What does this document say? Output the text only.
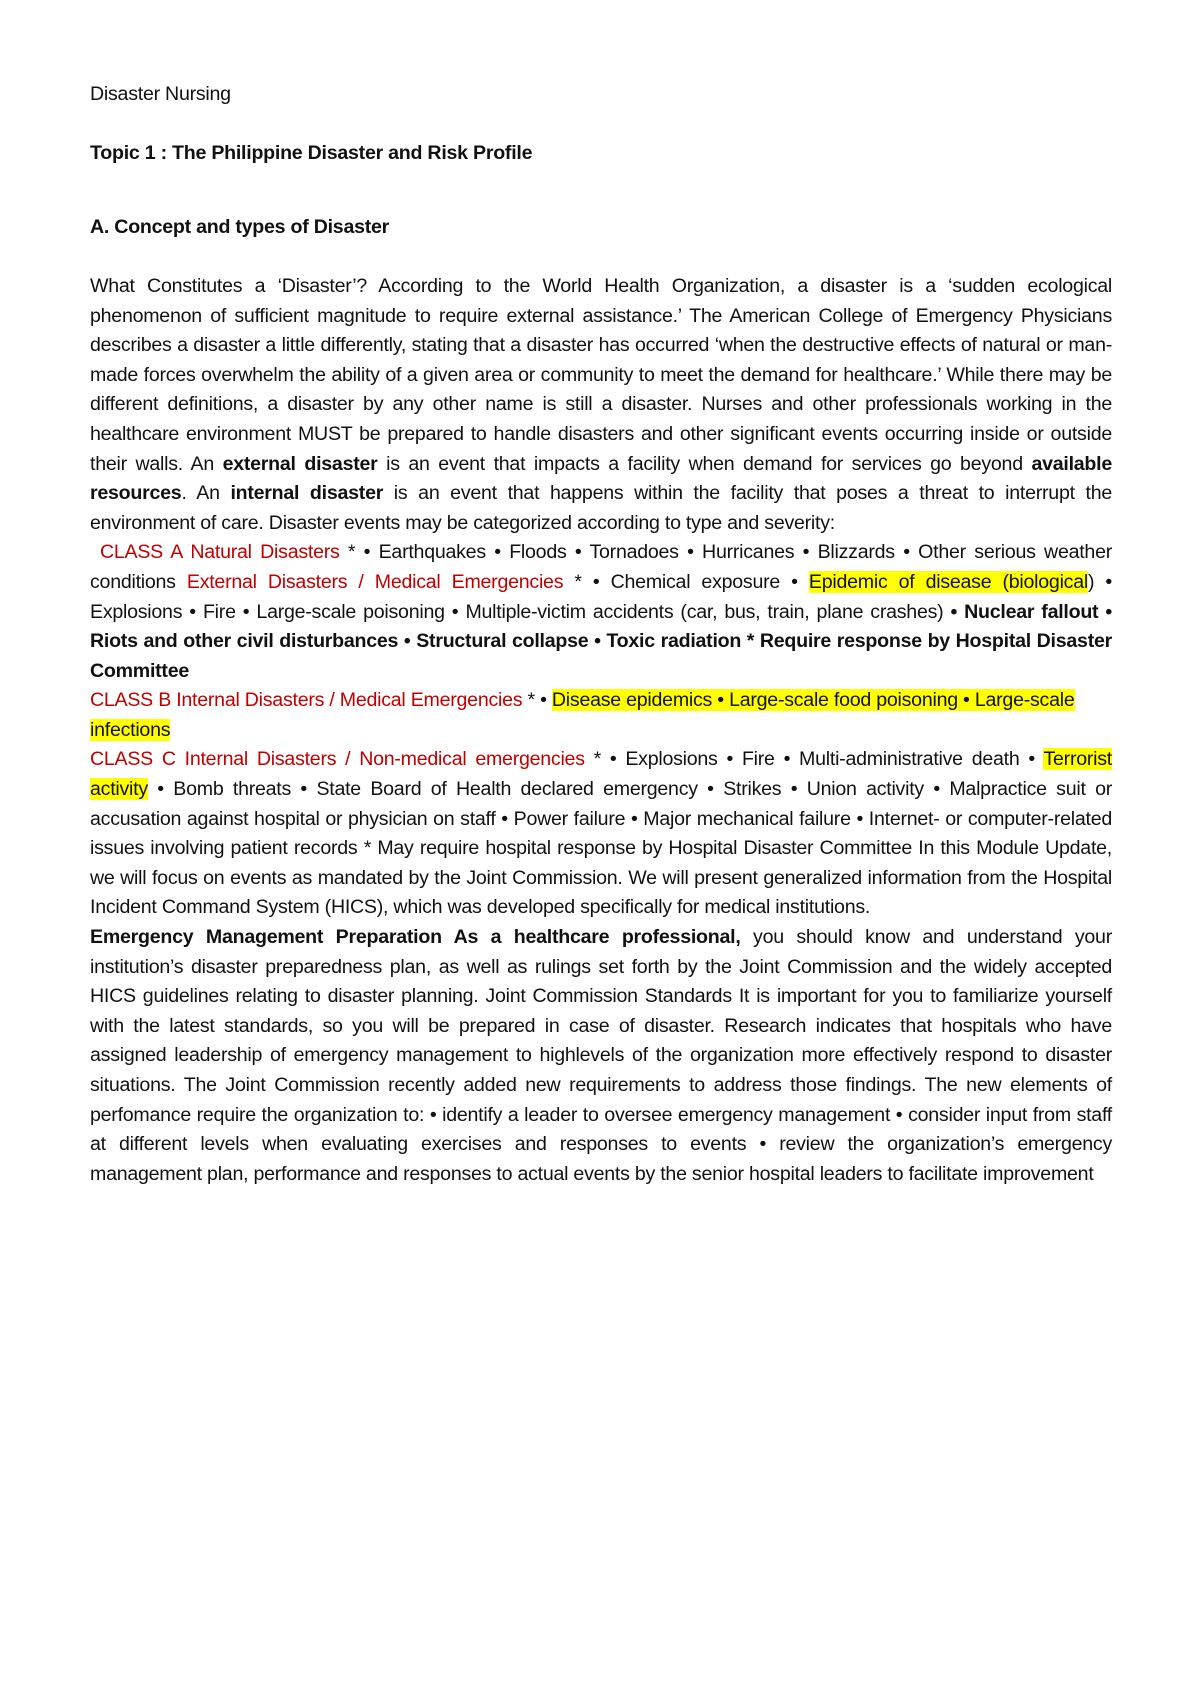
Disaster Nursing

Topic 1 : The Philippine Disaster and Risk Profile

A. Concept and types of Disaster

What Constitutes a ‘Disaster’? According to the World Health Organization, a disaster is a ‘sudden ecological phenomenon of sufficient magnitude to require external assistance.’ The American College of Emergency Physicians describes a disaster a little differently, stating that a disaster has occurred ‘when the destructive effects of natural or man-made forces overwhelm the ability of a given area or community to meet the demand for healthcare.’ While there may be different definitions, a disaster by any other name is still a disaster. Nurses and other professionals working in the healthcare environment MUST be prepared to handle disasters and other significant events occurring inside or outside their walls. An external disaster is an event that impacts a facility when demand for services go beyond available resources. An internal disaster is an event that happens within the facility that poses a threat to interrupt the environment of care. Disaster events may be categorized according to type and severity:

CLASS A Natural Disasters * • Earthquakes • Floods • Tornadoes • Hurricanes • Blizzards • Other serious weather conditions External Disasters / Medical Emergencies * • Chemical exposure • Epidemic of disease (biological) • Explosions • Fire • Large-scale poisoning • Multiple-victim accidents (car, bus, train, plane crashes) • Nuclear fallout • Riots and other civil disturbances • Structural collapse • Toxic radiation * Require response by Hospital Disaster Committee

CLASS B Internal Disasters / Medical Emergencies * • Disease epidemics • Large-scale food poisoning • Large-scale infections

CLASS C Internal Disasters / Non-medical emergencies * • Explosions • Fire • Multi-administrative death • Terrorist activity • Bomb threats • State Board of Health declared emergency • Strikes • Union activity • Malpractice suit or accusation against hospital or physician on staff • Power failure • Major mechanical failure • Internet- or computer-related issues involving patient records * May require hospital response by Hospital Disaster Committee In this Module Update, we will focus on events as mandated by the Joint Commission. We will present generalized information from the Hospital Incident Command System (HICS), which was developed specifically for medical institutions.

Emergency Management Preparation As a healthcare professional, you should know and understand your institution’s disaster preparedness plan, as well as rulings set forth by the Joint Commission and the widely accepted HICS guidelines relating to disaster planning. Joint Commission Standards It is important for you to familiarize yourself with the latest standards, so you will be prepared in case of disaster. Research indicates that hospitals who have assigned leadership of emergency management to highlevels of the organization more effectively respond to disaster situations. The Joint Commission recently added new requirements to address those findings. The new elements of perfomance require the organization to: • identify a leader to oversee emergency management • consider input from staff at different levels when evaluating exercises and responses to events • review the organization’s emergency management plan, performance and responses to actual events by the senior hospital leaders to facilitate improvement
